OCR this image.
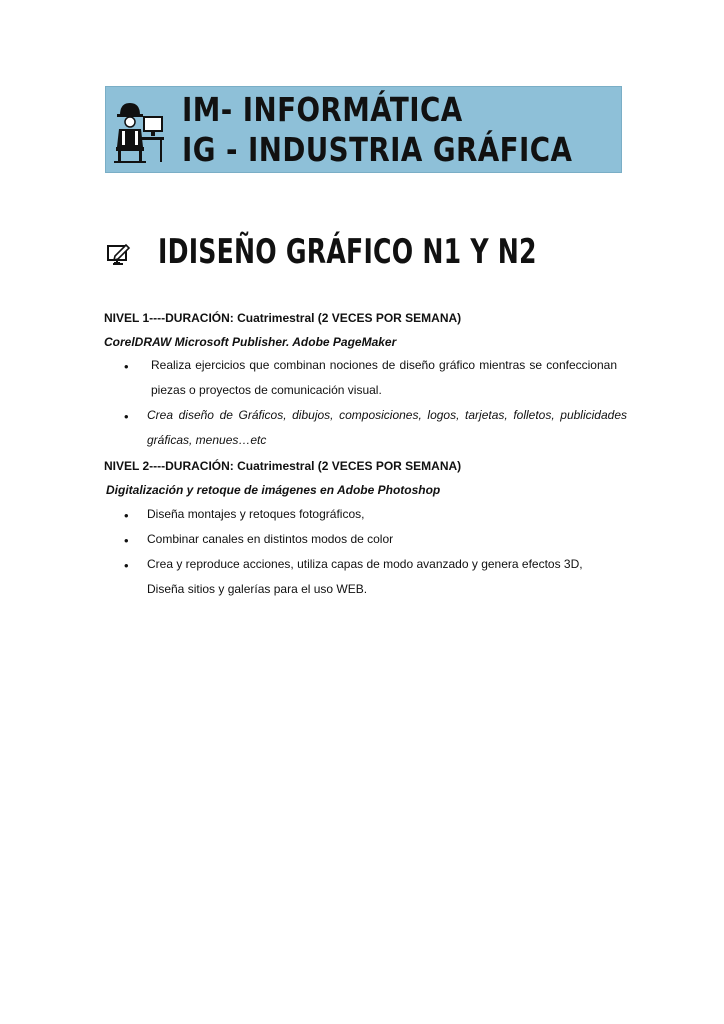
IM- INFORMÁTICA
IG - INDUSTRIA GRÁFICA
IDISEÑO GRÁFICO N1 Y N2
NIVEL 1----DURACIÓN: Cuatrimestral (2 VECES POR SEMANA)
CorelDRAW Microsoft Publisher. Adobe PageMaker
• Realiza ejercicios que combinan nociones de diseño gráfico mientras se confeccionan piezas o proyectos de comunicación visual.
• Crea diseño de Gráficos, dibujos, composiciones, logos, tarjetas, folletos, publicidades gráficas, menues…etc
NIVEL 2----DURACIÓN: Cuatrimestral (2 VECES POR SEMANA)
Digitalización y retoque de imágenes en Adobe Photoshop
• Diseña montajes y retoques fotográficos,
• Combinar canales en distintos modos de color
• Crea y reproduce acciones, utiliza capas de modo avanzado y genera efectos 3D, Diseña sitios y galerías para el uso WEB.
